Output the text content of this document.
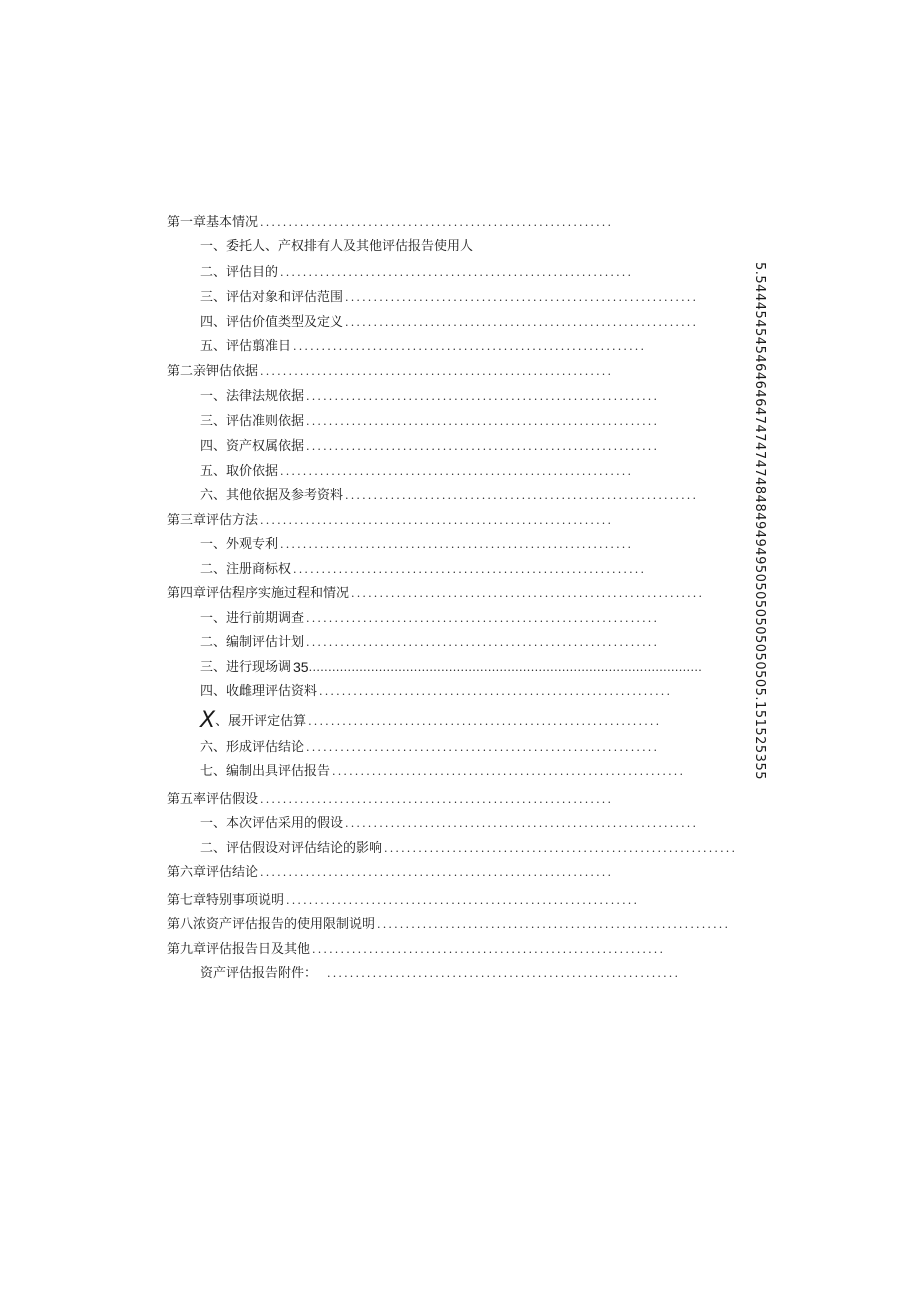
第一章基本情况 ..............................................................
一、委托人、产权排有人及其他评估报告使用人
二、评估目的 ..............................................................
三、评估对象和评估范围 ..............................................................
四、评估价值类型及定义 ..............................................................
五、评估翦准日 ..............................................................
第二亲钾估依据 ..............................................................
一、法律法规依据 ..............................................................
三、评估准则依据 ..............................................................
四、资产权属依据 ..............................................................
五、取价依据 ..............................................................
六、其他依据及参考资料 ..............................................................
第三章评估方法 ..............................................................
一、外观专利 ..............................................................
二、注册商标权 ..............................................................
第四章评估程序实施过程和情况 ..............................................................
一、进行前期调查 ..............................................................
二、编制评估计划 ..............................................................
三、进行现场调 35 .....................................................................................................
四、收雌理评估资料 ..............................................................
X 、展开评定估算 ..............................................................
六、形成评估结论 ..............................................................
七、编制出具评估报告 ..............................................................
第五率评估假设 ..............................................................
一、本次评估采用的假设 ..............................................................
二、评估假设对评估结论的影响 ..............................................................
第六章评估结论 ..............................................................
第七章特别事项说明 ..............................................................
第八浓资产评估报告的使用限制说明 ..............................................................
第九章评估报告日及其他 ..............................................................
资产评估报告附件： ..............................................................
5.544454545464646474747474848494949505050505050505.151525355
